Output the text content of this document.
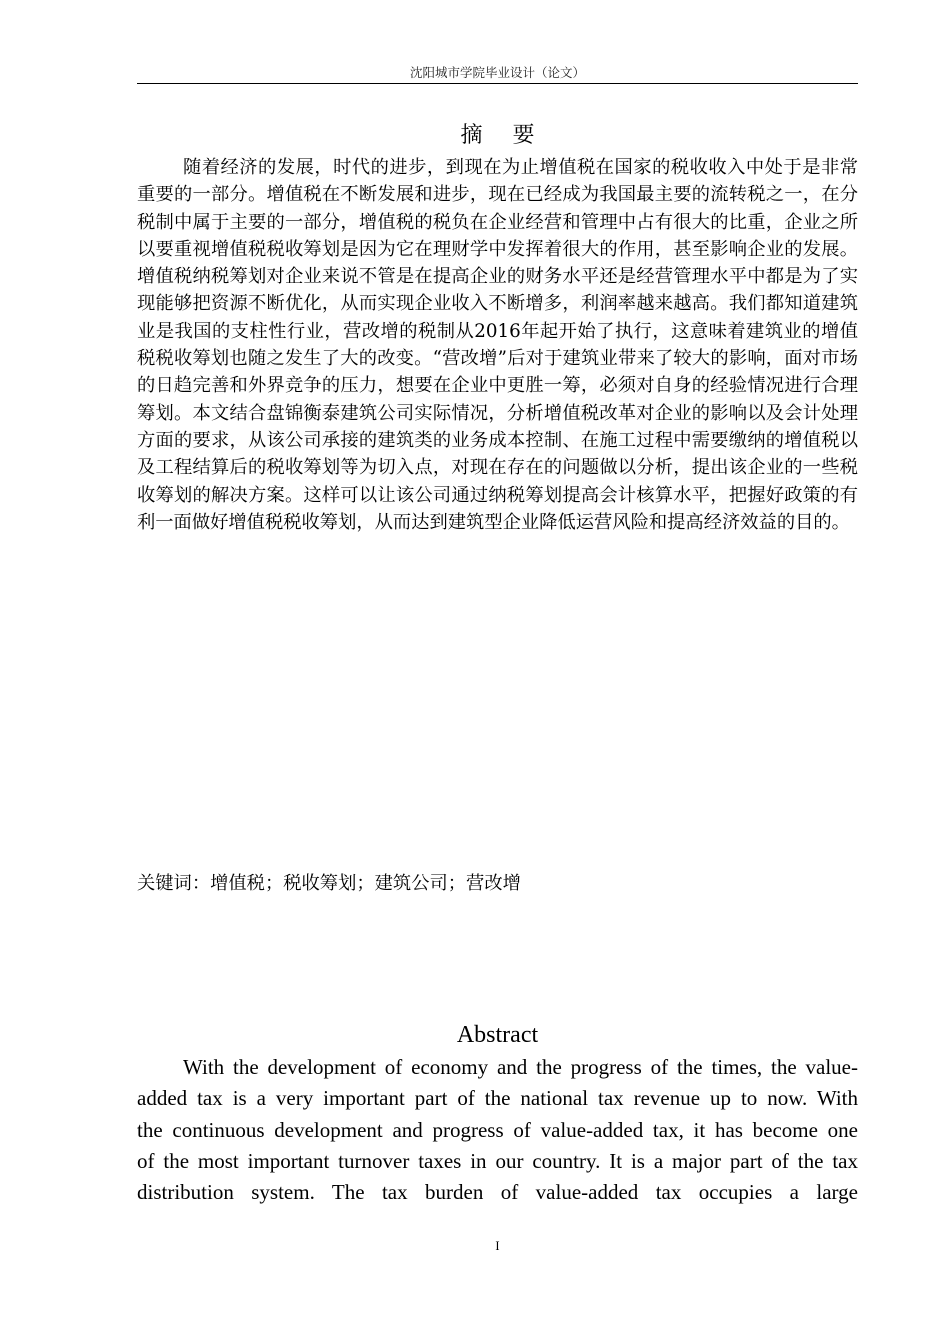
沈阳城市学院毕业设计（论文）
摘要

随着经济的发展，时代的进步，到现在为止增值税在国家的税收收入中处于是非常重要的一部分。增值税在不断发展和进步，现在已经成为我国最主要的流转税之一，在分税制中属于主要的一部分，增值税的税负在企业经营和管理中占有很大的比重，企业之所以要重视增值税税收筹划是因为它在理财学中发挥着很大的作用，甚至影响企业的发展。增值税纳税筹划对企业来说不管是在提高企业的财务水平还是经营管理水平中都是为了实现能够把资源不断优化，从而实现企业收入不断增多，利润率越来越高。我们都知道建筑业是我国的支柱性行业，营改增的税制从2016年起开始了执行，这意味着建筑业的增值税税收筹划也随之发生了大的改变。“营改增”后对于建筑业带来了较大的影响，面对市场的日趋完善和外界竞争的压力，想要在企业中更胜一筹，必须对自身的经验情况进行合理筹划。本文结合盘锦衡泰建筑公司实际情况，分析增值税改革对企业的影响以及会计处理方面的要求，从该公司承接的建筑类的业务成本控制、在施工过程中需要缴纳的增值税以及工程结算后的税收筹划等为切入点，对现在存在的问题做以分析，提出该企业的一些税收筹划的解决方案。这样可以让该公司通过纳税筹划提高会计核算水平，把握好政策的有利一面做好增值税税收筹划，从而达到建筑型企业降低运营风险和提高经济效益的目的。

关键词：增值税；税收筹划；建筑公司；营改增
Abstract
With the development of economy and the progress of the times, the value-
added tax is a very important part of the national tax revenue up to now. With
the continuous development and progress of value-added tax, it has become one
of the most important turnover taxes in our country. It is a major part of the tax
distribution system. The tax burden of value-added tax occupies a large
I
